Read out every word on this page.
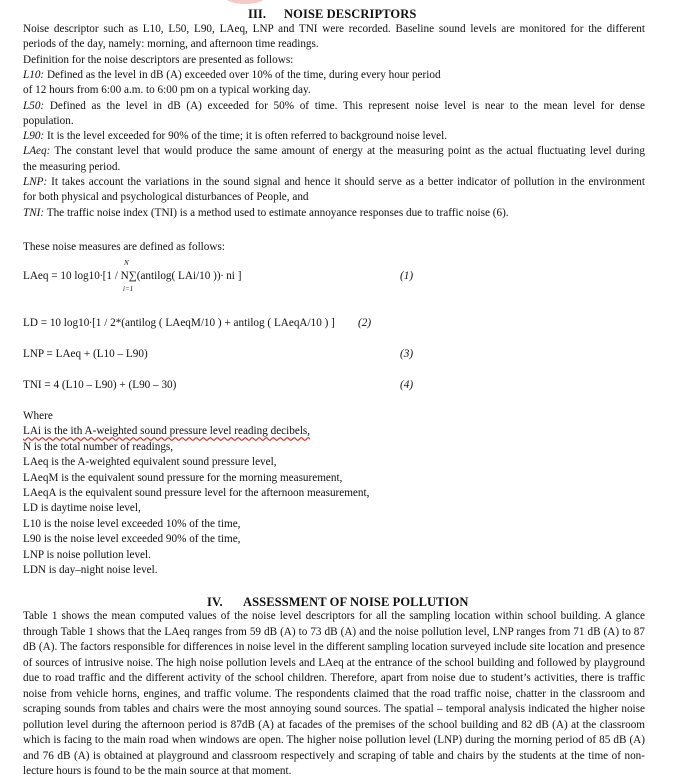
III. NOISE DESCRIPTORS

Noise descriptor such as L10, L50, L90, LAeq, LNP and TNI were recorded. Baseline sound levels are monitored for the different

periods of the day, namely: morning, and afternoon time readings.

Definition for the noise descriptors are presented as follows:

L10: Defined as the level in dB (A) exceeded over 10% of the time, during every hour period

of 12 hours from 6:00 a.m. to 6:00 pm on a typical working day.

L50: Defined as the level in dB (A) exceeded for 50% of time. This represent noise level is near to the mean level for dense

population.

L90: It is the level exceeded for 90% of the time; it is often referred to background noise level.

LAeq: The constant level that would produce the same amount of energy at the measuring point as the actual fluctuating level during

the measuring period.

LNP: It takes account the variations in the sound signal and hence it should serve as a better indicator of pollution in the environment

for both physical and psychological disturbances of People, and

TNI: The traffic noise index (TNI) is a method used to estimate annoyance responses due to traffic noise (6).

These noise measures are defined as follows:
N
LAeq = 10 log10∙[1 / N∑(antilog( LAi/10 ))∙ ni ]
i=1
(1)
LD = 10 log10∙[1 / 2*(antilog ( LAeqM/10 ) + antilog ( LAeqA/10 ) ] (2)
LNP = LAeq + (L10 – L90)	(3)
TNI = 4 (L10 – L90) + (L90 – 30)	(4)
Where
LAi is the ith A-weighted sound pressure level reading decibels,
N is the total number of readings,
LAeq is the A-weighted equivalent sound pressure level,
LAeqM is the equivalent sound pressure for the morning measurement,
LAeqA is the equivalent sound pressure level for the afternoon measurement,
LD is daytime noise level,
L10 is the noise level exceeded 10% of the time,
L90 is the noise level exceeded 90% of the time,
LNP is noise pollution level.
LDN is day–night noise level.
IV. ASSESSMENT OF NOISE POLLUTION
Table 1 shows the mean computed values of the noise level descriptors for all the sampling location within school building. A glance through Table 1 shows that the LAeq ranges from 59 dB (A) to 73 dB (A) and the noise pollution level, LNP ranges from 71 dB (A) to 87 dB (A). The factors responsible for differences in noise level in the different sampling location surveyed include site location and presence of sources of intrusive noise. The high noise pollution levels and LAeq at the entrance of the school building and followed by playground due to road traffic and the different activity of the school children. Therefore, apart from noise due to student’s activities, there is traffic noise from vehicle horns, engines, and traffic volume. The respondents claimed that the road traffic noise, chatter in the classroom and scraping sounds from tables and chairs were the most annoying sound sources. The spatial – temporal analysis indicated the higher noise pollution level during the afternoon period is 87dB (A) at facades of the premises of the school building and 82 dB (A) at the classroom which is facing to the main road when windows are open. The higher noise pollution level (LNP) during the morning period of 85 dB (A) and 76 dB (A) is obtained at playground and classroom respectively and scraping of table and chairs by the students at the time of non-lecture hours is found to be the main source at that moment.
